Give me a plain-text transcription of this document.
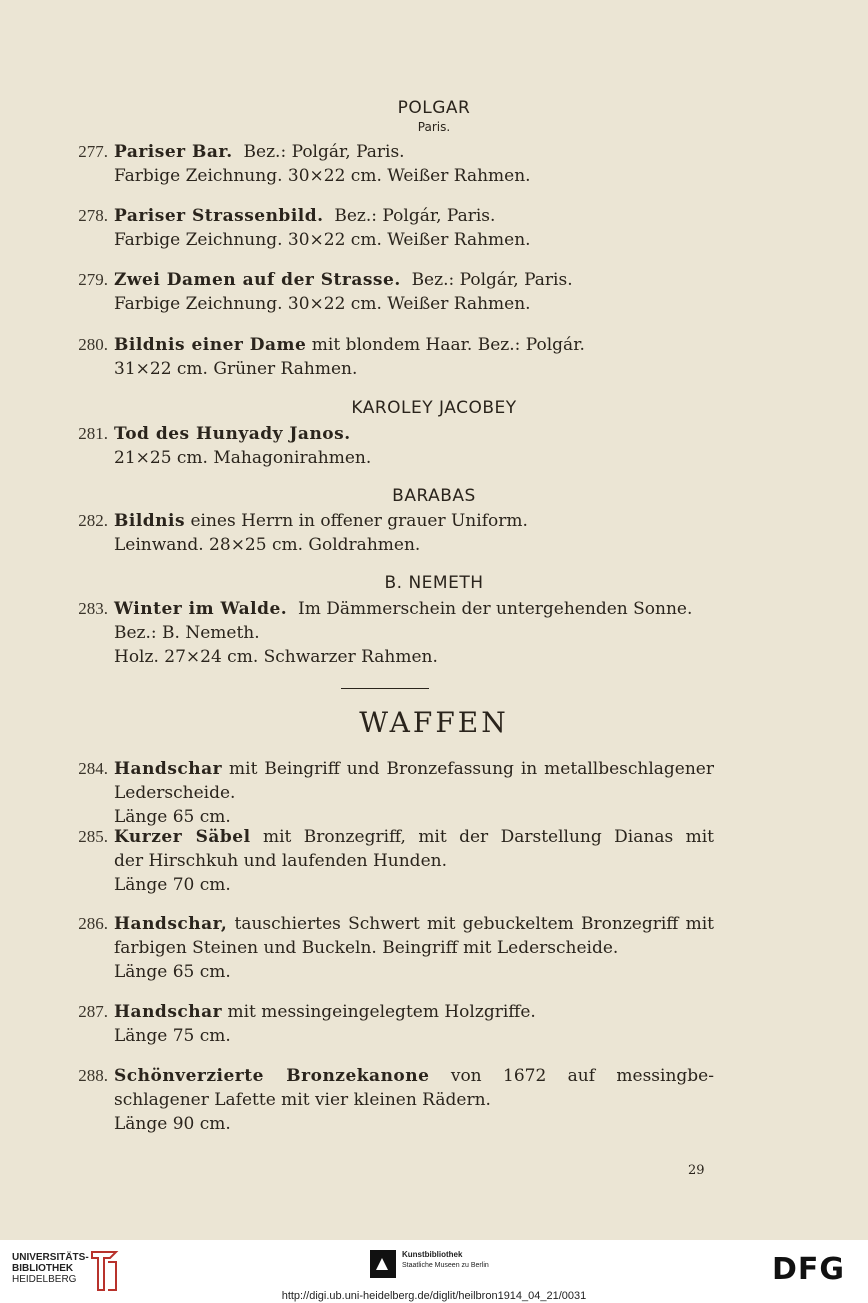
POLGAR
Paris.
277. Pariser Bar. Bez.: Polgár, Paris.
Farbige Zeichnung. 30×22 cm. Weißer Rahmen.
278. Pariser Strassenbild. Bez.: Polgár, Paris.
Farbige Zeichnung. 30×22 cm. Weißer Rahmen.
279. Zwei Damen auf der Strasse. Bez.: Polgár, Paris.
Farbige Zeichnung. 30×22 cm. Weißer Rahmen.
280. Bildnis einer Dame mit blondem Haar. Bez.: Polgár.
31×22 cm. Grüner Rahmen.
KAROLEY JACOBEY
281. Tod des Hunyady Janos.
21×25 cm. Mahagonirahmen.
BARABAS
282. Bildnis eines Herrn in offener grauer Uniform.
Leinwand. 28×25 cm. Goldrahmen.
B. NEMETH
283. Winter im Walde. Im Dämmerschein der untergehenden Sonne.
Bez.: B. Nemeth.
Holz. 27×24 cm. Schwarzer Rahmen.
WAFFEN
284. Handschar mit Beingriff und Bronzefassung in metallbeschlagener
Lederscheide.
Länge 65 cm.
285. Kurzer Säbel mit Bronzegriff, mit der Darstellung Dianas mit
der Hirschkuh und laufenden Hunden.
Länge 70 cm.
286. Handschar, tauschiertes Schwert mit gebuckeltem Bronzegriff mit
farbigen Steinen und Buckeln. Beingriff mit Lederscheide.
Länge 65 cm.
287. Handschar mit messingeingelegtem Holzgriffe.
Länge 75 cm.
288. Schönverzierte Bronzekanone von 1672 auf messingbe-
schlagener Lafette mit vier kleinen Rädern.
Länge 90 cm.
29
UNIVERSITÄTS-
BIBLIOTHEK
HEIDELBERG
Kunstbibliothek
Staatliche Museen zu Berlin
http://digi.ub.uni-heidelberg.de/diglit/heilbron1914_04_21/0031
DFG
